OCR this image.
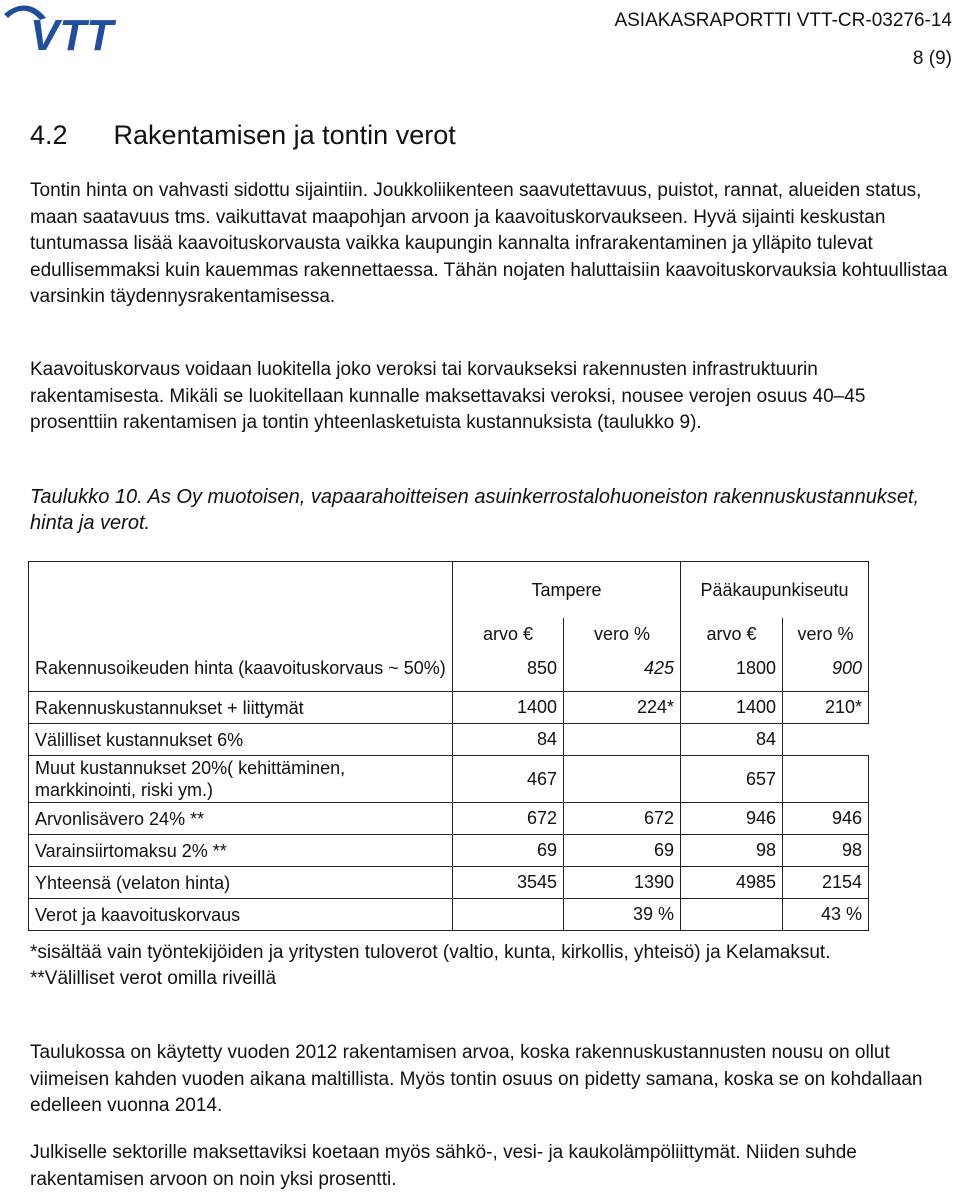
VTT	ASIAKASRAPORTTI VTT-CR-03276-14
8 (9)
4.2 Rakentamisen ja tontin verot

Tontin hinta on vahvasti sidottu sijaintiin. Joukkoliikenteen saavutettavuus, puistot, rannat, alueiden status, maan saatavuus tms. vaikuttavat maapohjan arvoon ja kaavoituskorvaukseen. Hyvä sijainti keskustan tuntumassa lisää kaavoituskorvausta vaikka kaupungin kannalta infrarakentaminen ja ylläpito tulevat edullisemmaksi kuin kauemmas rakennettaessa. Tähän nojaten haluttaisiin kaavoituskorvauksia kohtuullistaa varsinkin täydennysrakentamisessa.

Kaavoituskorvaus voidaan luokitella joko veroksi tai korvaukseksi rakennusten infrastruktuurin rakentamisesta. Mikäli se luokitellaan kunnalle maksettavaksi veroksi, nousee verojen osuus 40–45 prosenttiin rakentamisen ja tontin yhteenlasketuista kustannuksista (taulukko 9).

Taulukko 10. As Oy muotoisen, vapaarahoitteisen asuinkerrostalohuoneiston rakennuskustannukset, hinta ja verot.

	Tampere		Pääkaupunkiseutu	
	arvo €	vero %	arvo €	vero %
Rakennusoikeuden hinta (kaavoituskorvaus ~ 50%)	850	425	1800	900
Rakennuskustannukset + liittymät	1400	224*	1400	210*
Välilliset kustannukset 6%	84		84	
Muut kustannukset 20%( kehittäminen, markkinointi, riski ym.)	467		657	
Arvonlisävero 24% **	672	672	946	946
Varainsiirtomaksu 2% **	69	69	98	98
Yhteensä (velaton hinta)	3545	1390	4985	2154
Verot ja kaavoituskorvaus		39 %		43 %
*sisältää vain työntekijöiden ja yritysten tuloverot (valtio, kunta, kirkollis, yhteisö) ja Kelamaksut.
**Välilliset verot omilla riveillä

Taulukossa on käytetty vuoden 2012 rakentamisen arvoa, koska rakennuskustannusten nousu on ollut viimeisen kahden vuoden aikana maltillista. Myös tontin osuus on pidetty samana, koska se on kohdallaan edelleen vuonna 2014.

Julkiselle sektorille maksettaviksi koetaan myös sähkö-, vesi- ja kaukolämpöliittymät. Niiden suhde rakentamisen arvoon on noin yksi prosentti.
